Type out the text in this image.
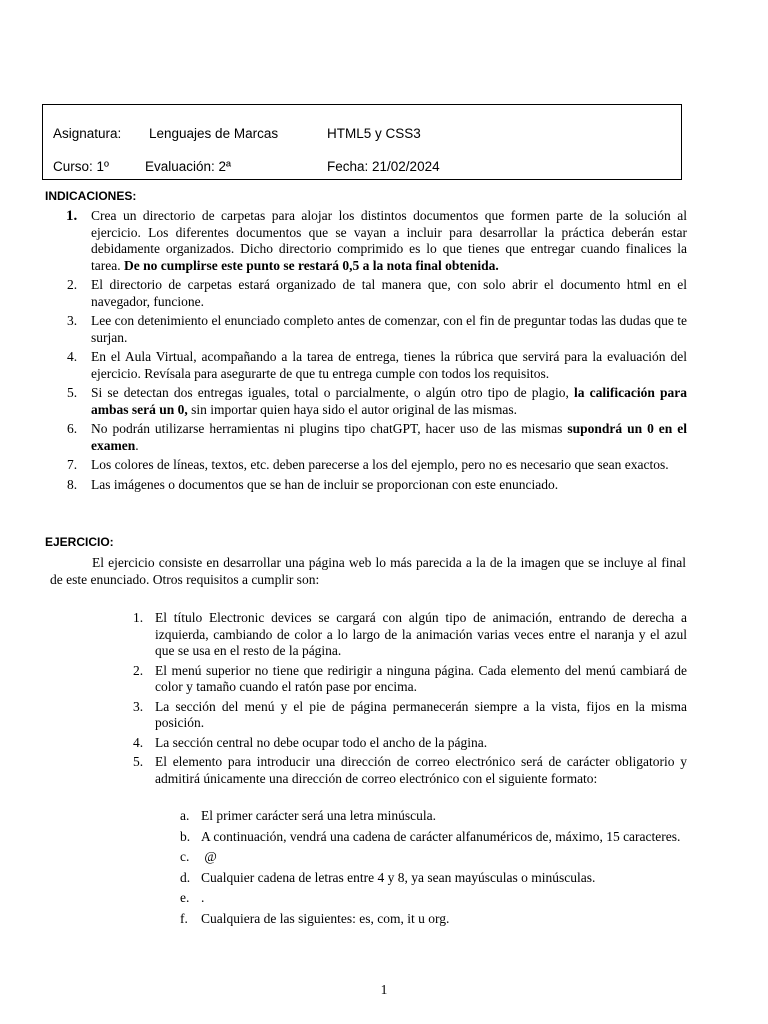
Asignatura: Lenguajes de Marcas	HTML5 y CSS3
Curso: 1º	Evaluación: 2ª	Fecha: 21/02/2024
INDICACIONES:
1. Crea un directorio de carpetas para alojar los distintos documentos que formen parte de la solución al ejercicio. Los diferentes documentos que se vayan a incluir para desarrollar la práctica deberán estar debidamente organizados. Dicho directorio comprimido es lo que tienes que entregar cuando finalices la tarea. De no cumplirse este punto se restará 0,5 a la nota final obtenida.
2. El directorio de carpetas estará organizado de tal manera que, con solo abrir el documento html en el navegador, funcione.
3. Lee con detenimiento el enunciado completo antes de comenzar, con el fin de preguntar todas las dudas que te surjan.
4. En el Aula Virtual, acompañando a la tarea de entrega, tienes la rúbrica que servirá para la evaluación del ejercicio. Revísala para asegurarte de que tu entrega cumple con todos los requisitos.
5. Si se detectan dos entregas iguales, total o parcialmente, o algún otro tipo de plagio, la calificación para ambas será un 0, sin importar quien haya sido el autor original de las mismas.
6. No podrán utilizarse herramientas ni plugins tipo chatGPT, hacer uso de las mismas supondrá un 0 en el examen.
7. Los colores de líneas, textos, etc. deben parecerse a los del ejemplo, pero no es necesario que sean exactos.
8. Las imágenes o documentos que se han de incluir se proporcionan con este enunciado.
EJERCICIO:

El ejercicio consiste en desarrollar una página web lo más parecida a la de la imagen que se incluye al final de este enunciado. Otros requisitos a cumplir son:

1. El título Electronic devices se cargará con algún tipo de animación, entrando de derecha a izquierda, cambiando de color a lo largo de la animación varias veces entre el naranja y el azul que se usa en el resto de la página.
2. El menú superior no tiene que redirigir a ninguna página. Cada elemento del menú cambiará de color y tamaño cuando el ratón pase por encima.
3. La sección del menú y el pie de página permanecerán siempre a la vista, fijos en la misma posición.
4. La sección central no debe ocupar todo el ancho de la página.
5. El elemento para introducir una dirección de correo electrónico será de carácter obligatorio y admitirá únicamente una dirección de correo electrónico con el siguiente formato:
a. El primer carácter será una letra minúscula.
b. A continuación, vendrá una cadena de carácter alfanuméricos de, máximo, 15 caracteres.
c. @
d. Cualquier cadena de letras entre 4 y 8, ya sean mayúsculas o minúsculas.
e. .
f. Cualquiera de las siguientes: es, com, it u org.
1
